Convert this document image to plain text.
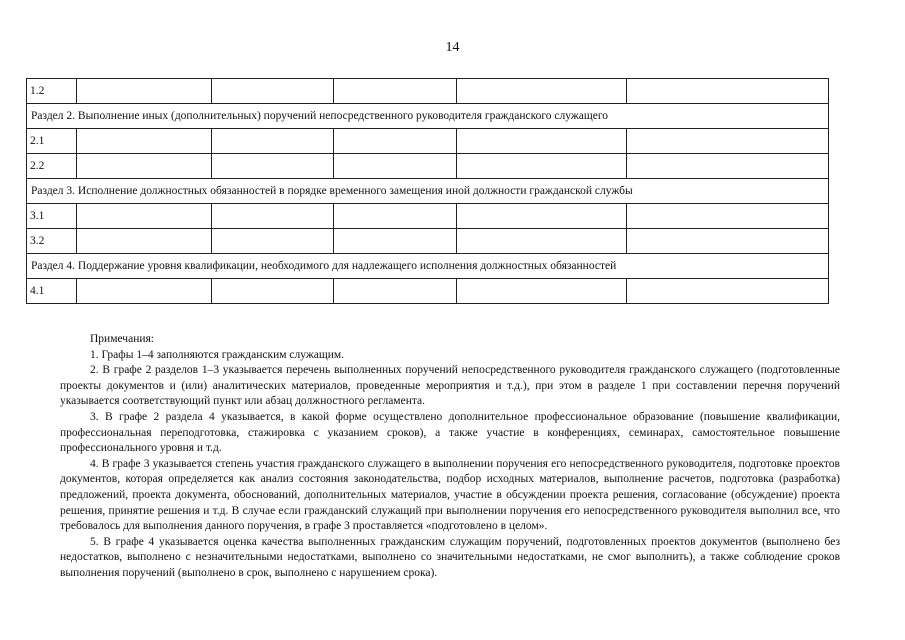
14
1.2					
Раздел 2. Выполнение иных (дополнительных) поручений непосредственного руководителя гражданского служащего					
2.1					
2.2					
Раздел 3. Исполнение должностных обязанностей в порядке временного замещения иной должности гражданской службы					
3.1					
3.2					
Раздел 4. Поддержание уровня квалификации, необходимого для надлежащего исполнения должностных обязанностей					
4.1					

Примечания:

1. Графы 1–4 заполняются гражданским служащим.

2. В графе 2 разделов 1–3 указывается перечень выполненных поручений непосредственного руководителя гражданского служащего (подготовленные проекты документов и (или) аналитических материалов, проведенные мероприятия и т.д.), при этом в разделе 1 при составлении перечня поручений указывается соответствующий пункт или абзац должностного регламента.

3. В графе 2 раздела 4 указывается, в какой форме осуществлено дополнительное профессиональное образование (повышение квалификации, профессиональная переподготовка, стажировка с указанием сроков), а также участие в конференциях, семинарах, самостоятельное повышение профессионального уровня и т.д.

4. В графе 3 указывается степень участия гражданского служащего в выполнении поручения его непосредственного руководителя, подготовке проектов документов, которая определяется как анализ состояния законодательства, подбор исходных материалов, выполнение расчетов, подготовка (разработка) предложений, проекта документа, обоснований, дополнительных материалов, участие в обсуждении проекта решения, согласование (обсуждение) проекта решения, принятие решения и т.д. В случае если гражданский служащий при выполнении поручения его непосредственного руководителя выполнил все, что требовалось для выполнения данного поручения, в графе 3 проставляется «подготовлено в целом».

5. В графе 4 указывается оценка качества выполненных гражданским служащим поручений, подготовленных проектов документов (выполнено без недостатков, выполнено с незначительными недостатками, выполнено со значительными недостатками, не смог выполнить), а также соблюдение сроков выполнения поручений (выполнено в срок, выполнено с нарушением срока).
